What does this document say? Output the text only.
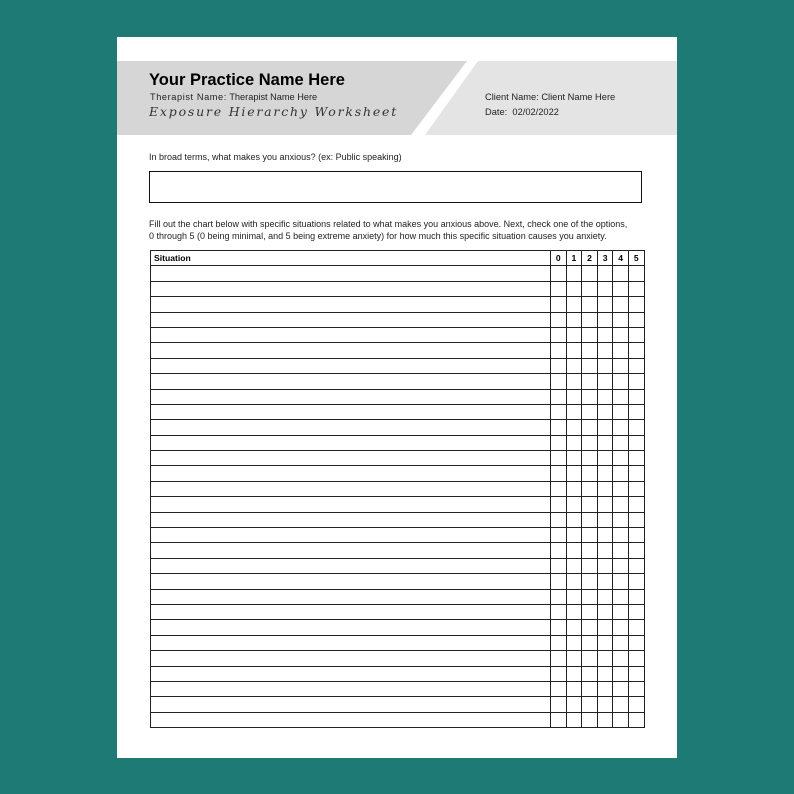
Your Practice Name Here
Therapist Name: Therapist Name Here
Exposure Hierarchy Worksheet
Client Name: Client Name Here
Date: 02/02/2022
In broad terms, what makes you anxious? (ex: Public speaking)
Fill out the chart below with specific situations related to what makes you anxious above. Next, check one of the options,
0 through 5 (0 being minimal, and 5 being extreme anxiety) for how much this specific situation causes you anxiety.
Situation	0	1	2	3	4	5
